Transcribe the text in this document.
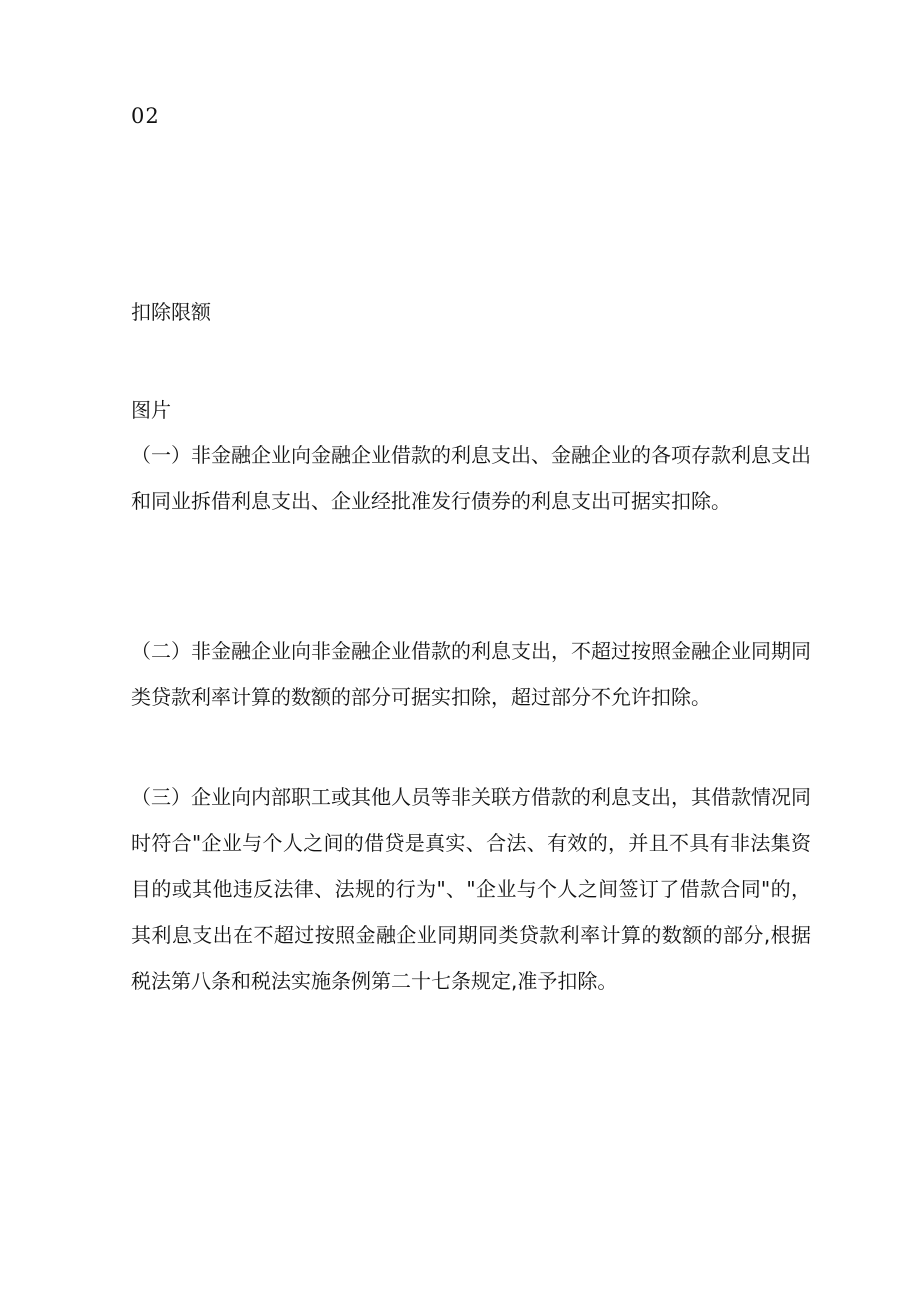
02
扣除限额
图片

（一）非金融企业向金融企业借款的利息支出、金融企业的各项存款利息支出和同业拆借利息支出、企业经批准发行债券的利息支出可据实扣除。

（二）非金融企业向非金融企业借款的利息支出，不超过按照金融企业同期同类贷款利率计算的数额的部分可据实扣除，超过部分不允许扣除。

（三）企业向内部职工或其他人员等非关联方借款的利息支出，其借款情况同时符合"企业与个人之间的借贷是真实、合法、有效的，并且不具有非法集资目的或其他违反法律、法规的行为"、"企业与个人之间签订了借款合同"的，其利息支出在不超过按照金融企业同期同类贷款利率计算的数额的部分,根据税法第八条和税法实施条例第二十七条规定,准予扣除。
